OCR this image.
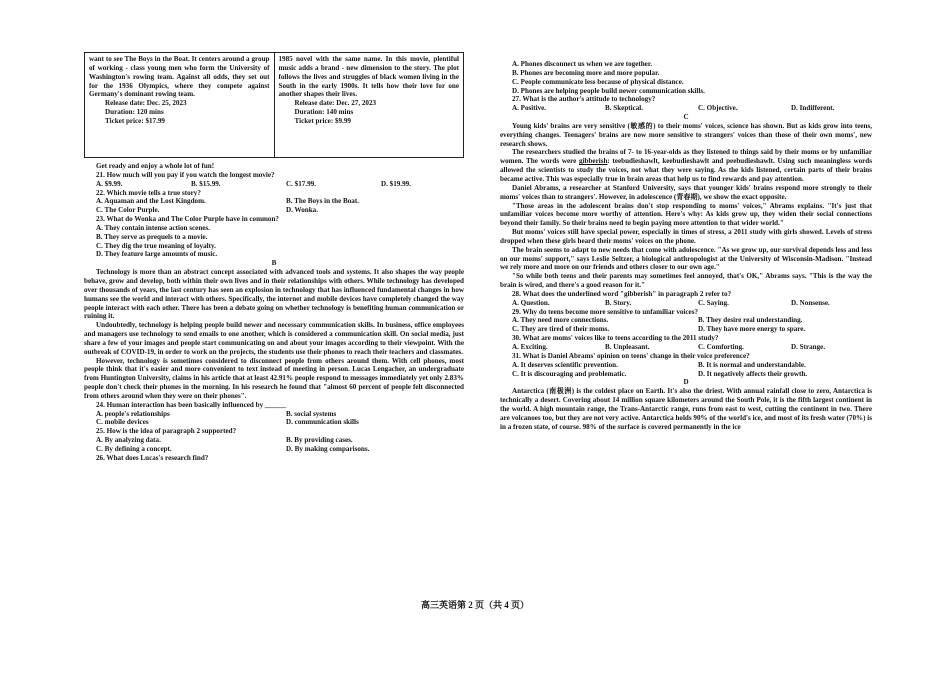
want to see The Boys in the Boat. It centers around a group of working - class young men who form the University of Washington's rowing team. Against all odds, they set out for the 1936 Olympics, where they compete against Germany's dominant rowing team.

Release date: Dec. 25, 2023
Duration: 120 mins
Ticket price: $17.99

1985 novel with the same name. In this movie, plentiful music adds a brand - new dimension to the story. The plot follows the lives and struggles of black women living in the South in the early 1900s. It tells how their love for one another shapes their lives.

Release date: Dec. 27, 2023
Duration: 140 mins
Ticket price: $9.99

Get ready and enjoy a whole lot of fun!

21. How much will you pay if you watch the longest movie?

A. $9.99.	B. $15.99.	C. $17.99.	D. $19.99.

22. Which movie tells a true story?

A. Aquaman and the Lost Kingdom.	B. The Boys in the Boat.
C. The Color Purple.	D. Wonka.

23. What do Wonka and The Color Purple have in common?

A. They contain intense action scenes.
B. They serve as prequels to a movie.
C. They dig the true meaning of loyalty.
D. They feature large amounts of music.
B

Technology is more than an abstract concept associated with advanced tools and systems. It also shapes the way people behave, grow and develop, both within their own lives and in their relationships with others. While technology has developed over thousands of years, the last century has seen an explosion in technology that has influenced fundamental changes in how humans see the world and interact with others. Specifically, the internet and mobile devices have completely changed the way people interact with each other. There has been a debate going on whether technology is benefiting human communication or ruining it.

Undoubtedly, technology is helping people build newer and necessary communication skills. In business, office employees and managers use technology to send emails to one another, which is considered a communication skill. On social media, just share a few of your images and people start communicating on and about your images according to their viewpoint. With the outbreak of COVID-19, in order to work on the projects, the students use their phones to reach their teachers and classmates.

However, technology is sometimes considered to disconnect people from others around them. With cell phones, most people think that it's easier and more convenient to text instead of meeting in person. Lucas Lengacher, an undergraduate from Huntington University, claims in his article that at least 42.91% people respond to messages immediately yet only 2.83% people don't check their phones in the morning. In his research he found that "almost 60 percent of people felt disconnected from others around when they were on their phones".

24. Human interaction has been basically influenced by ______

A. people's relationships	B. social systems
C. mobile devices	D. communication skills

25. How is the idea of paragraph 2 supported?

A. By analyzing data.	B. By providing cases.
C. By defining a concept.	D. By making comparisons.

26. What does Lucas's research find?

A. Phones disconnect us when we are together.
B. Phones are becoming more and more popular.
C. People communicate less because of physical distance.
D. Phones are helping people build newer communication skills.

27. What is the author's attitude to technology?

A. Positive.	B. Skeptical.	C. Objective.	D. Indifferent.
C

Young kids' brains are very sensitive (敏感的) to their moms' voices, science has shown. But as kids grow into teens, everything changes. Teenagers' brains are now more sensitive to strangers' voices than those of their own moms', new research shows.

The researchers studied the brains of 7- to 16-year-olds as they listened to things said by their moms or by unfamiliar women. The words were gibberish: teebudieshawlt, keebudieshawlt and peebudieshawlt. Using such meaningless words allowed the scientists to study the voices, not what they were saying. As the kids listened, certain parts of their brains became active. This was especially true in brain areas that help us to find rewards and pay attention.

Daniel Abrams, a researcher at Stanford University, says that younger kids' brains respond more strongly to their moms' voices than to strangers'. However, in adolescence (青春期), we show the exact opposite.

"Those areas in the adolescent brains don't stop responding to moms' voices," Abrams explains. "It's just that unfamiliar voices become more worthy of attention. Here's why: As kids grow up, they widen their social connections beyond their family. So their brains need to begin paying more attention to that wider world."

But moms' voices still have special power, especially in times of stress, a 2011 study with girls showed. Levels of stress dropped when these girls heard their moms' voices on the phone.

The brain seems to adapt to new needs that come with adolescence. "As we grow up, our survival depends less and less on our moms' support," says Leslie Seltzer, a biological anthropologist at the University of Wisconsin-Madison. "Instead we rely more and more on our friends and others closer to our own age."

"So while both teens and their parents may sometimes feel annoyed, that's OK," Abrams says. "This is the way the brain is wired, and there's a good reason for it."

28. What does the underlined word "gibberish" in paragraph 2 refer to?

A. Question.	B. Story.	C. Saying.	D. Nonsense.

29. Why do teens become more sensitive to unfamiliar voices?

A. They need more connections.	B. They desire real understanding.
C. They are tired of their moms.	D. They have more energy to spare.

30. What are moms' voices like to teens according to the 2011 study?

A. Exciting.	B. Unpleasant.	C. Comforting.	D. Strange.

31. What is Daniel Abrams' opinion on teens' change in their voice preference?

A. It deserves scientific prevention.	B. It is normal and understandable.
C. It is discouraging and problematic.	D. It negatively affects their growth.
D

Antarctica (南极洲) is the coldest place on Earth. It's also the driest. With annual rainfall close to zero, Antarctica is technically a desert. Covering about 14 million square kilometers around the South Pole, it is the fifth largest continent in the world. A high mountain range, the Trans-Antarctic range, runs from east to west, cutting the continent in two. There are volcanoes too, but they are not very active. Antarctica holds 90% of the world's ice, and most of its fresh water (70%) is in a frozen state, of course. 98% of the surface is covered permanently in the ice

高三英语第 2 页（共 4 页）
